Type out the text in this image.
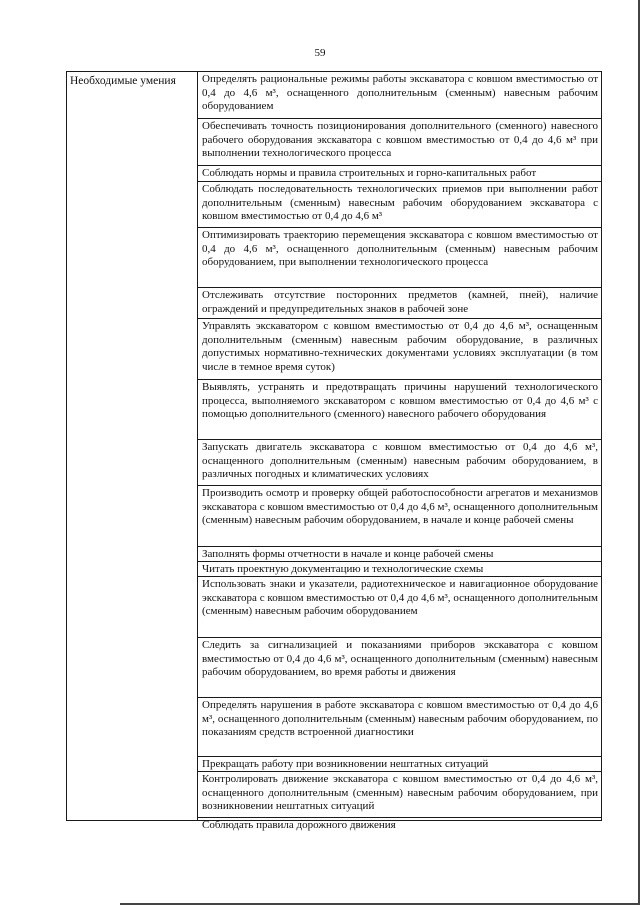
59
Необходимые умения	Определять рациональные режимы работы экскаватора с ковшом вместимостью от 0,4 до 4,6 м³, оснащенного дополнительным (сменным) навесным рабочим оборудованием
Обеспечивать точность позиционирования дополнительного (сменного) навесного рабочего оборудования экскаватора с ковшом вместимостью от 0,4 до 4,6 м³ при выполнении технологического процесса
Соблюдать нормы и правила строительных и горно-капитальных работ
Соблюдать последовательность технологических приемов при выполнении работ дополнительным (сменным) навесным рабочим оборудованием экскаватора с ковшом вместимостью от 0,4 до 4,6 м³
Оптимизировать траекторию перемещения экскаватора с ковшом вместимостью от 0,4 до 4,6 м³, оснащенного дополнительным (сменным) навесным рабочим оборудованием, при выполнении технологического процесса
Отслеживать отсутствие посторонних предметов (камней, пней), наличие ограждений и предупредительных знаков в рабочей зоне
Управлять экскаватором с ковшом вместимостью от 0,4 до 4,6 м³, оснащенным дополнительным (сменным) навесным рабочим оборудование, в различных допустимых нормативно-технических документами условиях эксплуатации (в том числе в темное время суток)
Выявлять, устранять и предотвращать причины нарушений технологического процесса, выполняемого экскаватором с ковшом вместимостью от 0,4 до 4,6 м³ с помощью дополнительного (сменного) навесного рабочего оборудования
Запускать двигатель экскаватора с ковшом вместимостью от 0,4 до 4,6 м³, оснащенного дополнительным (сменным) навесным рабочим оборудованием, в различных погодных и климатических условиях
Производить осмотр и проверку общей работоспособности агрегатов и механизмов экскаватора с ковшом вместимостью от 0,4 до 4,6 м³, оснащенного дополнительным (сменным) навесным рабочим оборудованием, в начале и конце рабочей смены
Заполнять формы отчетности в начале и конце рабочей смены
Читать проектную документацию и технологические схемы
Использовать знаки и указатели, радиотехническое и навигационное оборудование экскаватора с ковшом вместимостью от 0,4 до 4,6 м³, оснащенного дополнительным (сменным) навесным рабочим оборудованием
Следить за сигнализацией и показаниями приборов экскаватора с ковшом вместимостью от 0,4 до 4,6 м³, оснащенного дополнительным (сменным) навесным рабочим оборудованием, во время работы и движения
Определять нарушения в работе экскаватора с ковшом вместимостью от 0,4 до 4,6 м³, оснащенного дополнительным (сменным) навесным рабочим оборудованием, по показаниям средств встроенной диагностики
Прекращать работу при возникновении нештатных ситуаций
Контролировать движение экскаватора с ковшом вместимостью от 0,4 до 4,6 м³, оснащенного дополнительным (сменным) навесным рабочим оборудованием, при возникновении нештатных ситуаций
Соблюдать правила дорожного движения
